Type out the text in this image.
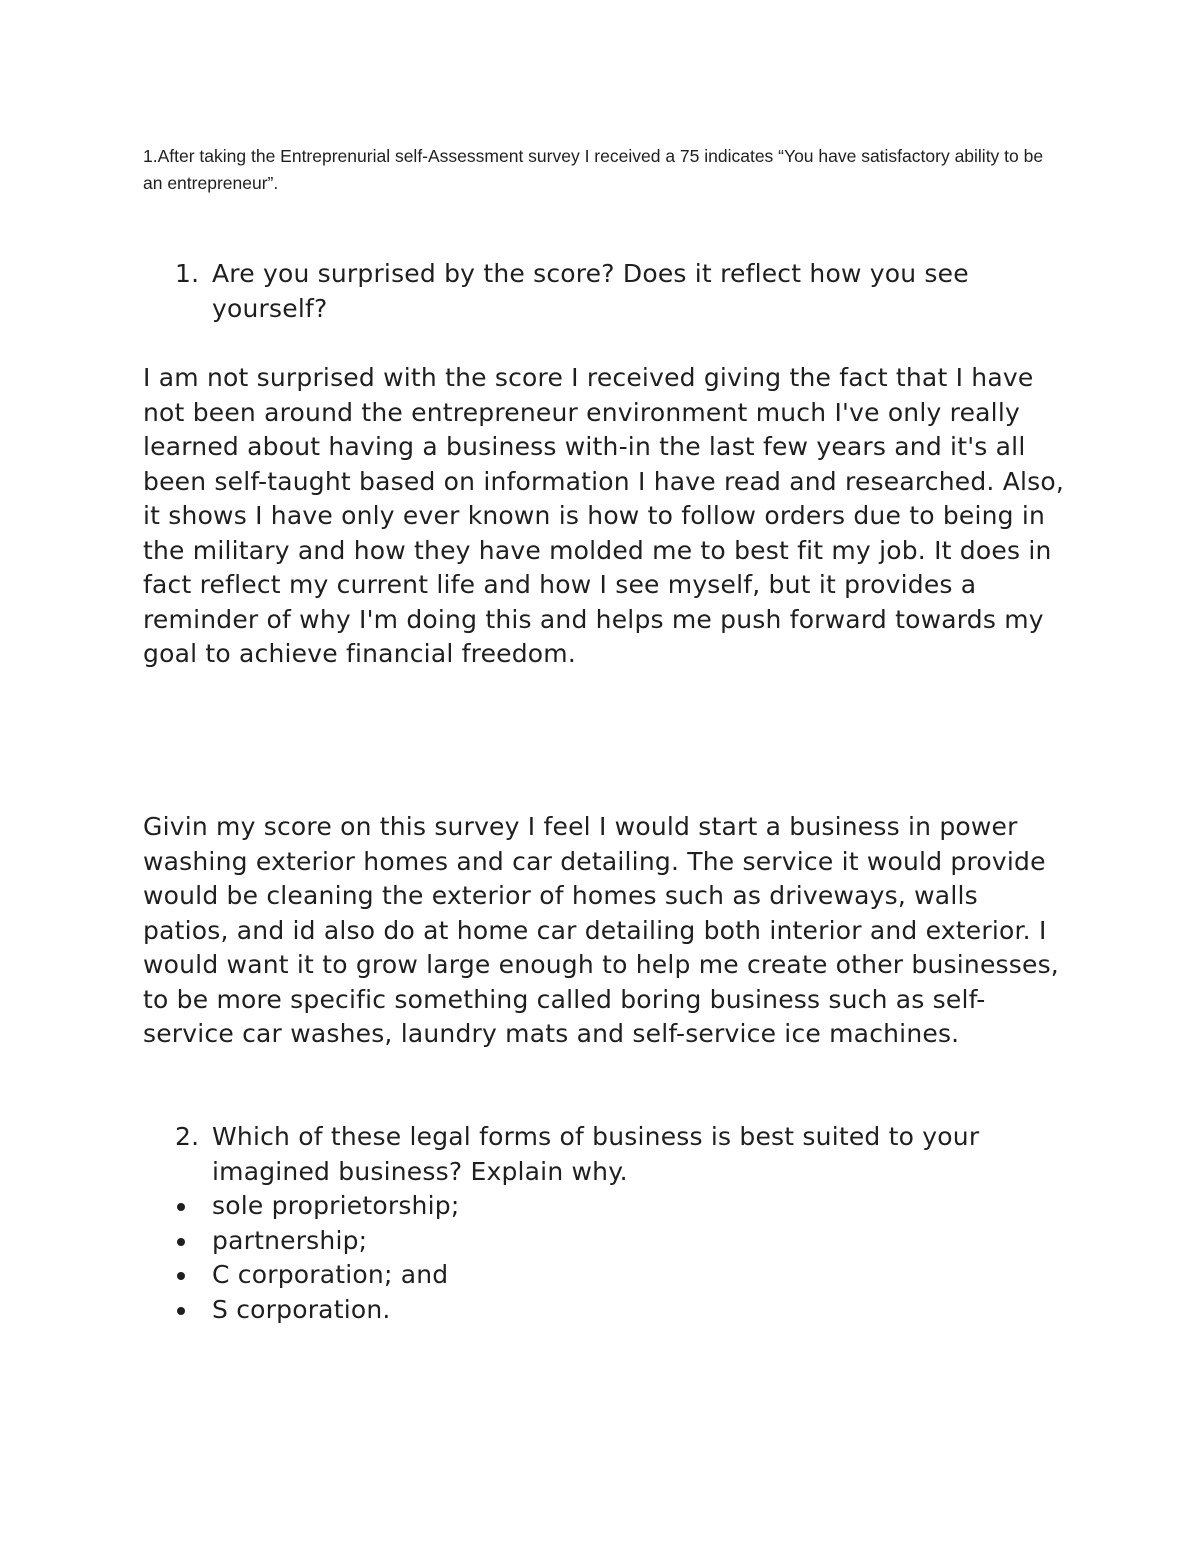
1.After taking the Entreprenurial self-Assessment survey I received a 75 indicates “You have satisfactory ability to be an entrepreneur”.

1. Are you surprised by the score? Does it reflect how you see yourself?

I am not surprised with the score I received giving the fact that I have not been around the entrepreneur environment much I've only really learned about having a business with-in the last few years and it's all been self-taught based on information I have read and researched. Also, it shows I have only ever known is how to follow orders due to being in the military and how they have molded me to best fit my job. It does in fact reflect my current life and how I see myself, but it provides a reminder of why I'm doing this and helps me push forward towards my goal to achieve financial freedom.

Givin my score on this survey I feel I would start a business in power washing exterior homes and car detailing. The service it would provide would be cleaning the exterior of homes such as driveways, walls patios, and id also do at home car detailing both interior and exterior. I would want it to grow large enough to help me create other businesses, to be more specific something called boring business such as self-service car washes, laundry mats and self-service ice machines.

2. Which of these legal forms of business is best suited to your imagined business? Explain why.
sole proprietorship;
partnership;
C corporation; and
S corporation.
